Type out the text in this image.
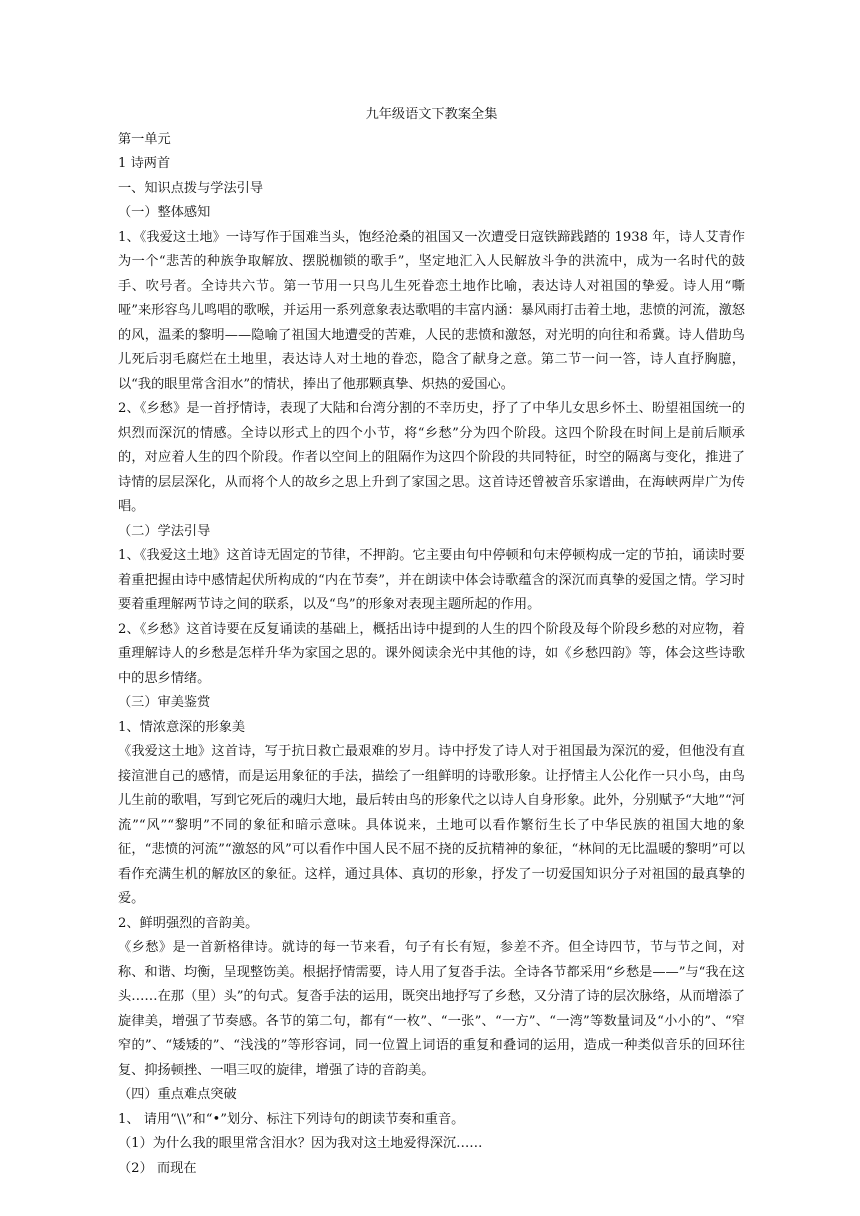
九年级语文下教案全集

第一单元

1 诗两首

一、知识点拨与学法引导

（一）整体感知

1、《我爱这土地》一诗写作于国难当头，饱经沧桑的祖国又一次遭受日寇铁蹄践踏的 1938 年，诗人艾青作为一个“悲苦的种族争取解放、摆脱枷锁的歌手”，坚定地汇入人民解放斗争的洪流中，成为一名时代的鼓手、吹号者。全诗共六节。第一节用一只鸟儿生死眷恋土地作比喻，表达诗人对祖国的挚爱。诗人用“嘶哑”来形容鸟儿鸣唱的歌喉，并运用一系列意象表达歌唱的丰富内涵：暴风雨打击着土地，悲愤的河流，激怒的风，温柔的黎明——隐喻了祖国大地遭受的苦难，人民的悲愤和激怒，对光明的向往和希冀。诗人借助鸟儿死后羽毛腐烂在土地里，表达诗人对土地的眷恋，隐含了献身之意。第二节一问一答，诗人直抒胸臆，以“我的眼里常含泪水”的情状，捧出了他那颗真挚、炽热的爱国心。

2、《乡愁》是一首抒情诗，表现了大陆和台湾分割的不幸历史，抒了了中华儿女思乡怀土、盼望祖国统一的炽烈而深沉的情感。全诗以形式上的四个小节，将“乡愁”分为四个阶段。这四个阶段在时间上是前后顺承的，对应着人生的四个阶段。作者以空间上的阻隔作为这四个阶段的共同特征，时空的隔离与变化，推进了诗情的层层深化，从而将个人的故乡之思上升到了家国之思。这首诗还曾被音乐家谱曲，在海峡两岸广为传唱。

（二）学法引导

1、《我爱这土地》这首诗无固定的节律，不押韵。它主要由句中停顿和句末停顿构成一定的节拍，诵读时要着重把握由诗中感情起伏所构成的“内在节奏”，并在朗读中体会诗歌蕴含的深沉而真挚的爱国之情。学习时要着重理解两节诗之间的联系，以及“鸟”的形象对表现主题所起的作用。

2、《乡愁》这首诗要在反复诵读的基础上，概括出诗中提到的人生的四个阶段及每个阶段乡愁的对应物，着重理解诗人的乡愁是怎样升华为家国之思的。课外阅读余光中其他的诗，如《乡愁四韵》等，体会这些诗歌中的思乡情绪。

（三）审美鉴赏

1、情浓意深的形象美

《我爱这土地》这首诗，写于抗日救亡最艰难的岁月。诗中抒发了诗人对于祖国最为深沉的爱，但他没有直接渲泄自己的感情，而是运用象征的手法，描绘了一组鲜明的诗歌形象。让抒情主人公化作一只小鸟，由鸟儿生前的歌唱，写到它死后的魂归大地，最后转由鸟的形象代之以诗人自身形象。此外，分别赋予“大地”“河流”“风”“黎明”不同的象征和暗示意味。具体说来，土地可以看作繁衍生长了中华民族的祖国大地的象征，“悲愤的河流”“激怒的风”可以看作中国人民不屈不挠的反抗精神的象征，“林间的无比温暖的黎明”可以看作充满生机的解放区的象征。这样，通过具体、真切的形象，抒发了一切爱国知识分子对祖国的最真挚的爱。

2、鲜明强烈的音韵美。

《乡愁》是一首新格律诗。就诗的每一节来看，句子有长有短，参差不齐。但全诗四节，节与节之间，对称、和谐、均衡，呈现整饬美。根据抒情需要，诗人用了复沓手法。全诗各节都采用“乡愁是——”与“我在这头……在那（里）头”的句式。复沓手法的运用，既突出地抒写了乡愁，又分清了诗的层次脉络，从而增添了旋律美，增强了节奏感。各节的第二句，都有“一枚”、“一张”、“一方”、“一湾”等数量词及“小小的”、“窄窄的”、“矮矮的”、“浅浅的”等形容词，同一位置上词语的重复和叠词的运用，造成一种类似音乐的回环往复、抑扬顿挫、一唱三叹的旋律，增强了诗的音韵美。

（四）重点难点突破

1、 请用“\\”和“•”划分、标注下列诗句的朗读节奏和重音。

（1）为什么我的眼里常含泪水？因为我对这土地爱得深沉……

（2） 而现在
